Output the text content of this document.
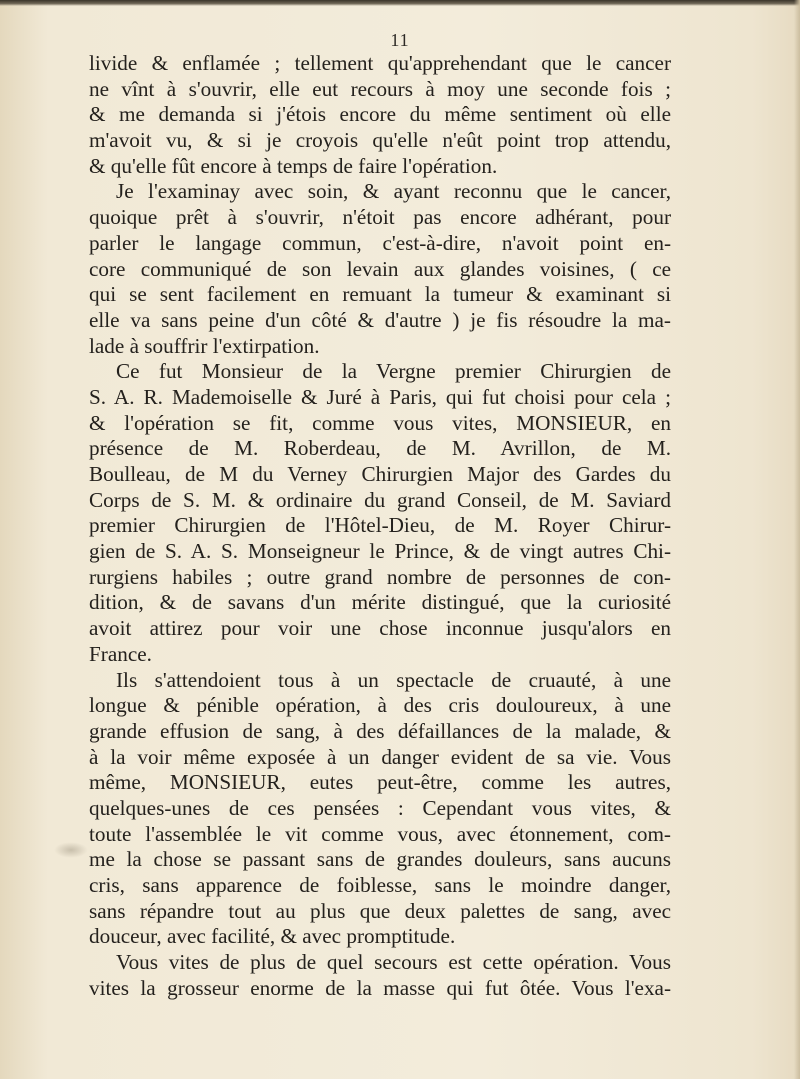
11
livide & enflamée ; tellement qu'apprehendant que le cancer
ne vînt à s'ouvrir, elle eut recours à moy une seconde fois ;
& me demanda si j'étois encore du même sentiment où elle
m'avoit vu, & si je croyois qu'elle n'eût point trop attendu,
& qu'elle fût encore à temps de faire l'opération.
Je l'examinay avec soin, & ayant reconnu que le cancer,
quoique prêt à s'ouvrir, n'étoit pas encore adhérant, pour
parler le langage commun, c'est-à-dire, n'avoit point en-
core communiqué de son levain aux glandes voisines, ( ce
qui se sent facilement en remuant la tumeur & examinant si
elle va sans peine d'un côté & d'autre ) je fis résoudre la ma-
lade à souffrir l'extirpation.
Ce fut Monsieur de la Vergne premier Chirurgien de
S. A. R. Mademoiselle & Juré à Paris, qui fut choisi pour cela ;
& l'opération se fit, comme vous vites, MONSIEUR, en
présence de M. Roberdeau, de M. Avrillon, de M.
Boulleau, de M du Verney Chirurgien Major des Gardes du
Corps de S. M. & ordinaire du grand Conseil, de M. Saviard
premier Chirurgien de l'Hôtel-Dieu, de M. Royer Chirur-
gien de S. A. S. Monseigneur le Prince, & de vingt autres Chi-
rurgiens habiles ; outre grand nombre de personnes de con-
dition, & de savans d'un mérite distingué, que la curiosité
avoit attirez pour voir une chose inconnue jusqu'alors en
France.
Ils s'attendoient tous à un spectacle de cruauté, à une
longue & pénible opération, à des cris douloureux, à une
grande effusion de sang, à des défaillances de la malade, &
à la voir même exposée à un danger evident de sa vie. Vous
même, MONSIEUR, eutes peut-être, comme les autres,
quelques-unes de ces pensées : Cependant vous vites, &
toute l'assemblée le vit comme vous, avec étonnement, com-
me la chose se passant sans de grandes douleurs, sans aucuns
cris, sans apparence de foiblesse, sans le moindre danger,
sans répandre tout au plus que deux palettes de sang, avec
douceur, avec facilité, & avec promptitude.
Vous vites de plus de quel secours est cette opération. Vous
vites la grosseur enorme de la masse qui fut ôtée. Vous l'exa-
